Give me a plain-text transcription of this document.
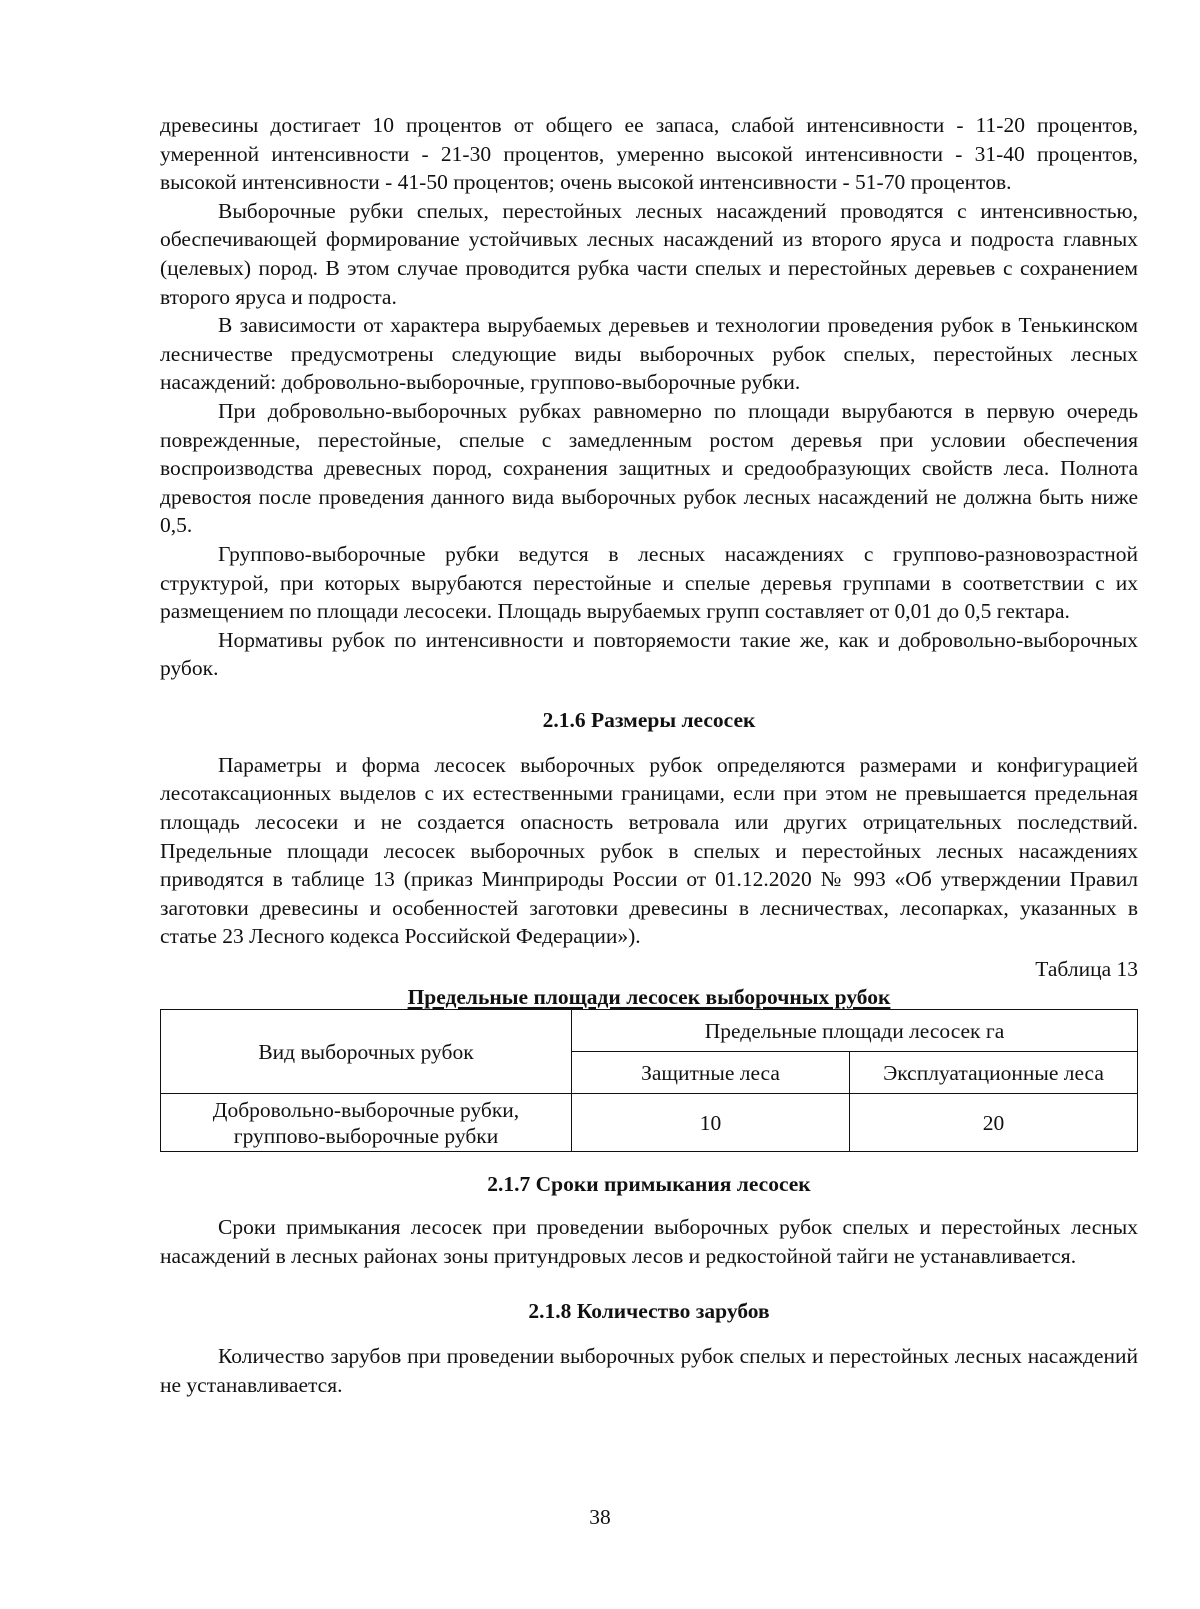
древесины достигает 10 процентов от общего ее запаса, слабой интенсивности - 11-20 процентов, умеренной интенсивности - 21-30 процентов, умеренно высокой интенсивности - 31-40 процентов, высокой интенсивности - 41-50 процентов; очень высокой интенсивности - 51-70 процентов.

Выборочные рубки спелых, перестойных лесных насаждений проводятся с интенсивностью, обеспечивающей формирование устойчивых лесных насаждений из второго яруса и подроста главных (целевых) пород. В этом случае проводится рубка части спелых и перестойных деревьев с сохранением второго яруса и подроста.

В зависимости от характера вырубаемых деревьев и технологии проведения рубок в Тенькинском лесничестве предусмотрены следующие виды выборочных рубок спелых, перестойных лесных насаждений: добровольно-выборочные, группово-выборочные рубки.

При добровольно-выборочных рубках равномерно по площади вырубаются в первую очередь поврежденные, перестойные, спелые с замедленным ростом деревья при условии обеспечения воспроизводства древесных пород, сохранения защитных и средообразующих свойств леса. Полнота древостоя после проведения данного вида выборочных рубок лесных насаждений не должна быть ниже 0,5.

Группово-выборочные рубки ведутся в лесных насаждениях с группово-разновозрастной структурой, при которых вырубаются перестойные и спелые деревья группами в соответствии с их размещением по площади лесосеки. Площадь вырубаемых групп составляет от 0,01 до 0,5 гектара.

Нормативы рубок по интенсивности и повторяемости такие же, как и добровольно-выборочных рубок.

2.1.6 Размеры лесосек

Параметры и форма лесосек выборочных рубок определяются размерами и конфигурацией лесотаксационных выделов с их естественными границами, если при этом не превышается предельная площадь лесосеки и не создается опасность ветровала или других отрицательных последствий. Предельные площади лесосек выборочных рубок в спелых и перестойных лесных насаждениях приводятся в таблице 13 (приказ Минприроды России от 01.12.2020 № 993 «Об утверждении Правил заготовки древесины и особенностей заготовки древесины в лесничествах, лесопарках, указанных в статье 23 Лесного кодекса Российской Федерации»).

Таблица 13
Предельные площади лесосек выборочных рубок
Вид выборочных рубок	Предельные площади лесосек га	
	Защитные леса	Эксплуатационные леса
Добровольно-выборочные рубки, группово-выборочные рубки	10	20
2.1.7 Сроки примыкания лесосек

Сроки примыкания лесосек при проведении выборочных рубок спелых и перестойных лесных насаждений в лесных районах зоны притундровых лесов и редкостойной тайги не устанавливается.

2.1.8 Количество зарубов

Количество зарубов при проведении выборочных рубок спелых и перестойных лесных насаждений не устанавливается.

38
